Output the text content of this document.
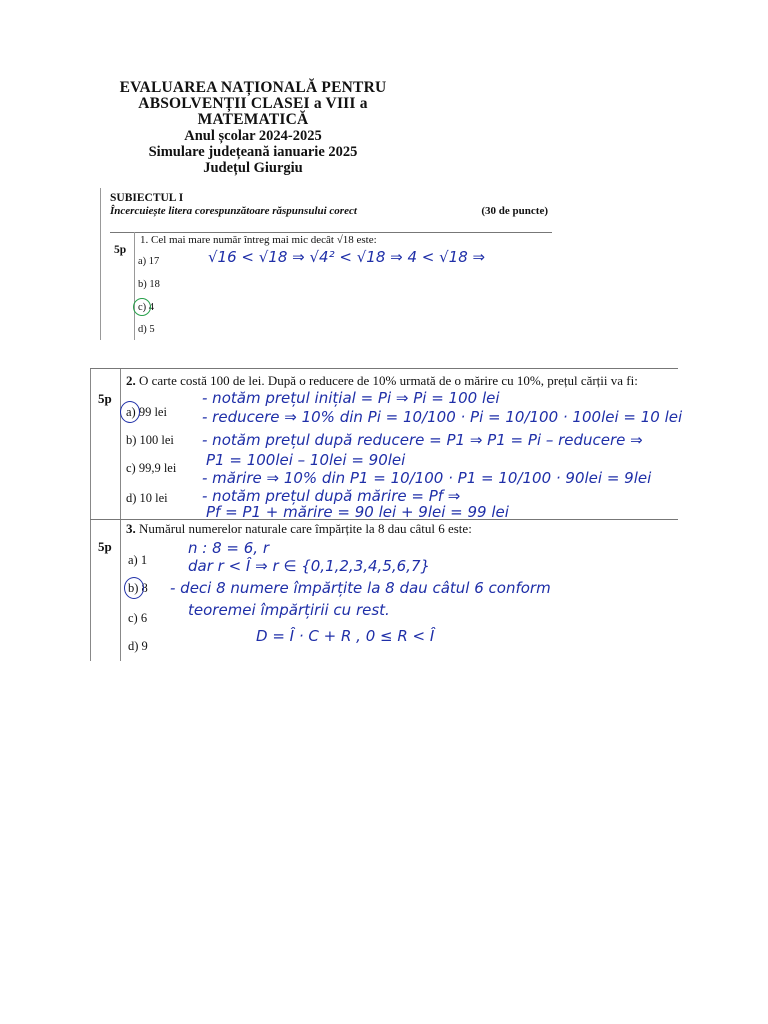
EVALUAREA NAȚIONALĂ PENTRU
ABSOLVENȚII CLASEI a VIII a
MATEMATICĂ
Anul școlar 2024-2025
Simulare județeană ianuarie 2025
Județul Giurgiu
SUBIECTUL I
Încercuiește litera corespunzătoare răspunsului corect	(30 de puncte)
5p
1. Cel mai mare număr întreg mai mic decât √18 este:
a) 17
b) 18
c) 4
d) 5
√16 < √18 ⇒ √4² < √18 ⇒ 4 < √18 ⇒
5p
2. O carte costă 100 de lei. După o reducere de 10% urmată de o mărire cu 10%, prețul cărții va fi:
a) 99 lei
b) 100 lei
c) 99,9 lei
d) 10 lei
- notăm prețul inițial = Pi ⇒ Pi = 100 lei
- reducere ⇒ 10% din Pi = 10/100 · Pi = 10/100 · 100lei = 10 lei
- notăm prețul după reducere = P1 ⇒ P1 = Pi – reducere ⇒
P1 = 100lei – 10lei = 90lei
- mărire ⇒ 10% din P1 = 10/100 · P1 = 10/100 · 90lei = 9lei
- notăm prețul după mărire = Pf ⇒
Pf = P1 + mărire = 90 lei + 9lei = 99 lei
5p
3. Numărul numerelor naturale care împărțite la 8 dau câtul 6 este:
a) 1
b) 8
c) 6
d) 9
n : 8 = 6, r
dar r < Î ⇒ r ∈ {0,1,2,3,4,5,6,7}
- deci 8 numere împărțite la 8 dau câtul 6 conform
teoremei împărțirii cu rest.
D = Î · C + R , 0 ≤ R < Î
